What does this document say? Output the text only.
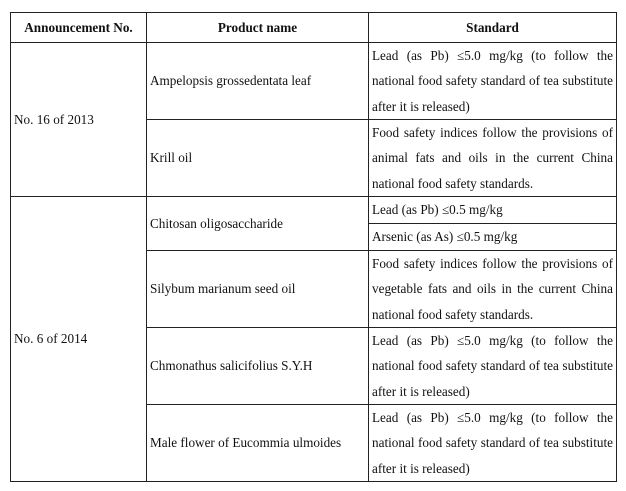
Announcement No.	Product name	Standard
No. 16 of 2013	Ampelopsis grossedentata leaf	Lead (as Pb) ≤5.0 mg/kg (to follow the national food safety standard of tea substitute after it is released)
	Krill oil	Food safety indices follow the provisions of animal fats and oils in the current China national food safety standards.
No. 6 of 2014	Chitosan oligosaccharide	Lead (as Pb) ≤0.5 mg/kg
		Arsenic (as As) ≤0.5 mg/kg
	Silybum marianum seed oil	Food safety indices follow the provisions of vegetable fats and oils in the current China national food safety standards.
	Chmonathus salicifolius S.Y.H	Lead (as Pb) ≤5.0 mg/kg (to follow the national food safety standard of tea substitute after it is released)
	Male flower of Eucommia ulmoides	Lead (as Pb) ≤5.0 mg/kg (to follow the national food safety standard of tea substitute after it is released)
